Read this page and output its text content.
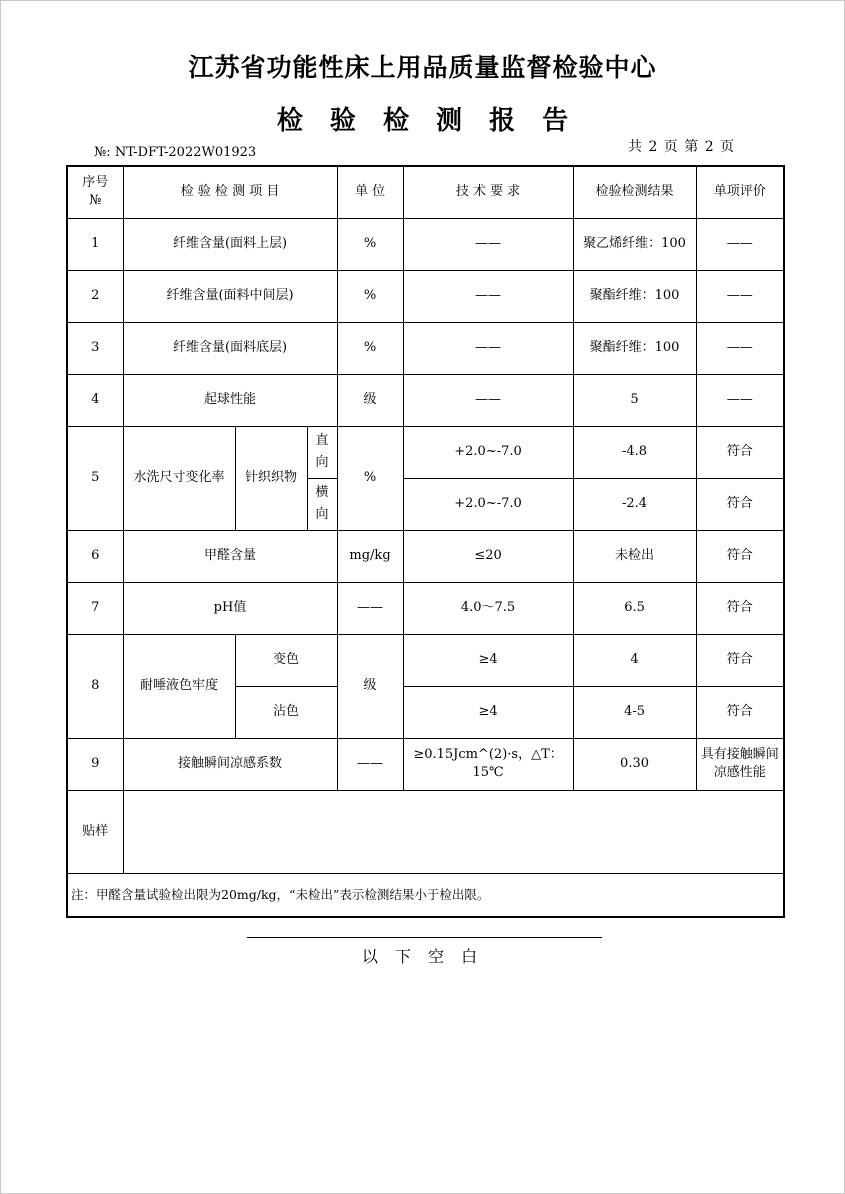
江苏省功能性床上用品质量监督检验中心
检 验 检 测 报 告
№: NT-DFT-2022W01923	共 2 页 第 2 页
序号 №	检 验 检 测 项 目			单 位	技 术 要 求	检验检测结果	单项评价
1	纤维含量(面料上层)			%	——	聚乙烯纤维：100	——
2	纤维含量(面料中间层)			%	——	聚酯纤维：100	——
3	纤维含量(面料底层)			%	——	聚酯纤维：100	——
4	起球性能			级	——	5	——
5	水洗尺寸变化率	针织织物	直向	%	+2.0~-7.0	-4.8	符合
			横向		+2.0~-7.0	-2.4	符合
6	甲醛含量			mg/kg	≤20	未检出	符合
7	pH值			——	4.0～7.5	6.5	符合
8	耐唾液色牢度	变色		级	≥4	4	符合
		沾色			≥4	4-5	符合
9	接触瞬间凉感系数			——	≥0.15Jcm^(2)·s，△T：15℃	0.30	具有接触瞬间凉感性能
贴样							
注：甲醛含量试验检出限为20mg/kg，“未检出”表示检测结果小于检出限。							
以 下 空 白
